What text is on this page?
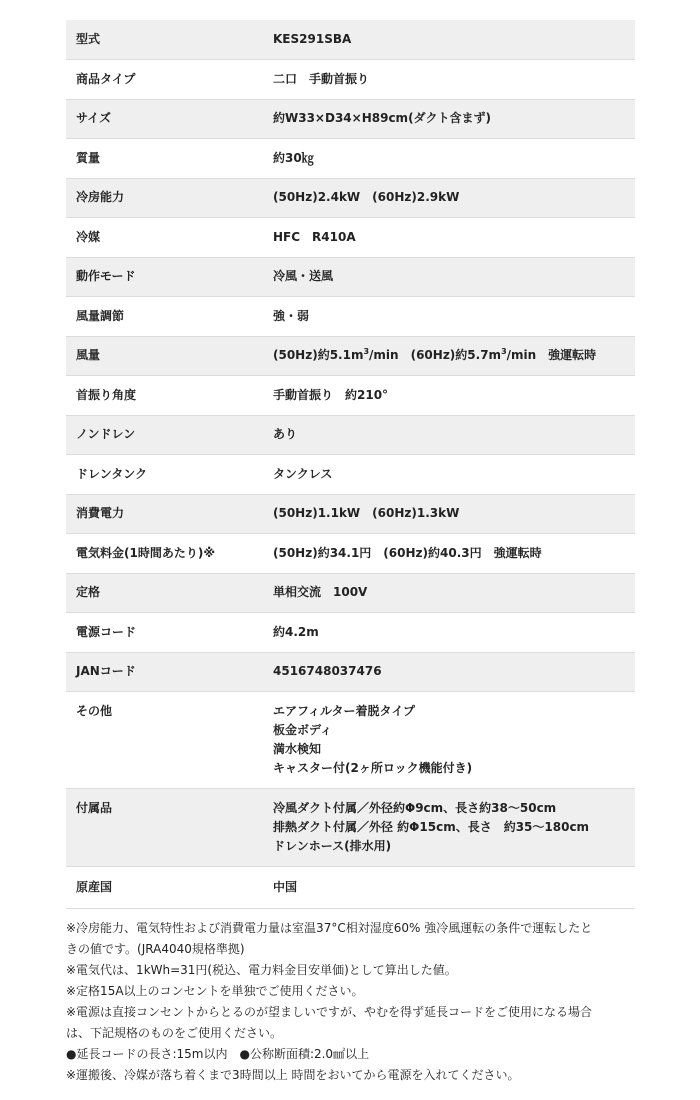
型式	KES291SBA
商品タイプ	二口　手動首振り
サイズ	約W33×D34×H89cm(ダクト含まず)
質量	約30㎏
冷房能力	(50Hz)2.4kW　(60Hz)2.9kW
冷媒	HFC　R410A
動作モード	冷風・送風
風量調節	強・弱
風量	(50Hz)約$5.1m^3/\min$　(60Hz)約$5.7m^3/\min$　強運転時
首振り角度	手動首振り　約210°
ノンドレン	あり
ドレンタンク	タンクレス
消費電力	(50Hz)1.1kW　(60Hz)1.3kW
電気料金(1時間あたり)※	(50Hz)約34.1円　(60Hz)約40.3円　強運転時
定格	単相交流　100V
電源コード	約4.2m
JANコード	4516748037476
その他	エアフィルター着脱タイプ
板金ボディ
満水検知
キャスター付(2ヶ所ロック機能付き)

付属品	冷風ダクト付属／外径約Φ9cm、長さ約38〜50cm
排熱ダクト付属／外径 約Φ15cm、長さ　約35〜180cm
ドレンホース(排水用)

原産国	中国
※冷房能力、電気特性および消費電力量は室温37°C相対湿度60% 強冷風運転の条件で運転したと
きの値です。(JRA4040規格準拠)
※電気代は、1kWh=31円(税込、電力料金目安単価)として算出した値。
※定格15A以上のコンセントを単独でご使用ください。
※電源は直接コンセントからとるのが望ましいですが、やむを得ず延長コードをご使用になる場合
は、下記規格のものをご使用ください。
●延長コードの長さ:15m以内　●公称断面積:2.0㎟以上
※運搬後、冷媒が落ち着くまで3時間以上 時間をおいてから電源を入れてください。
